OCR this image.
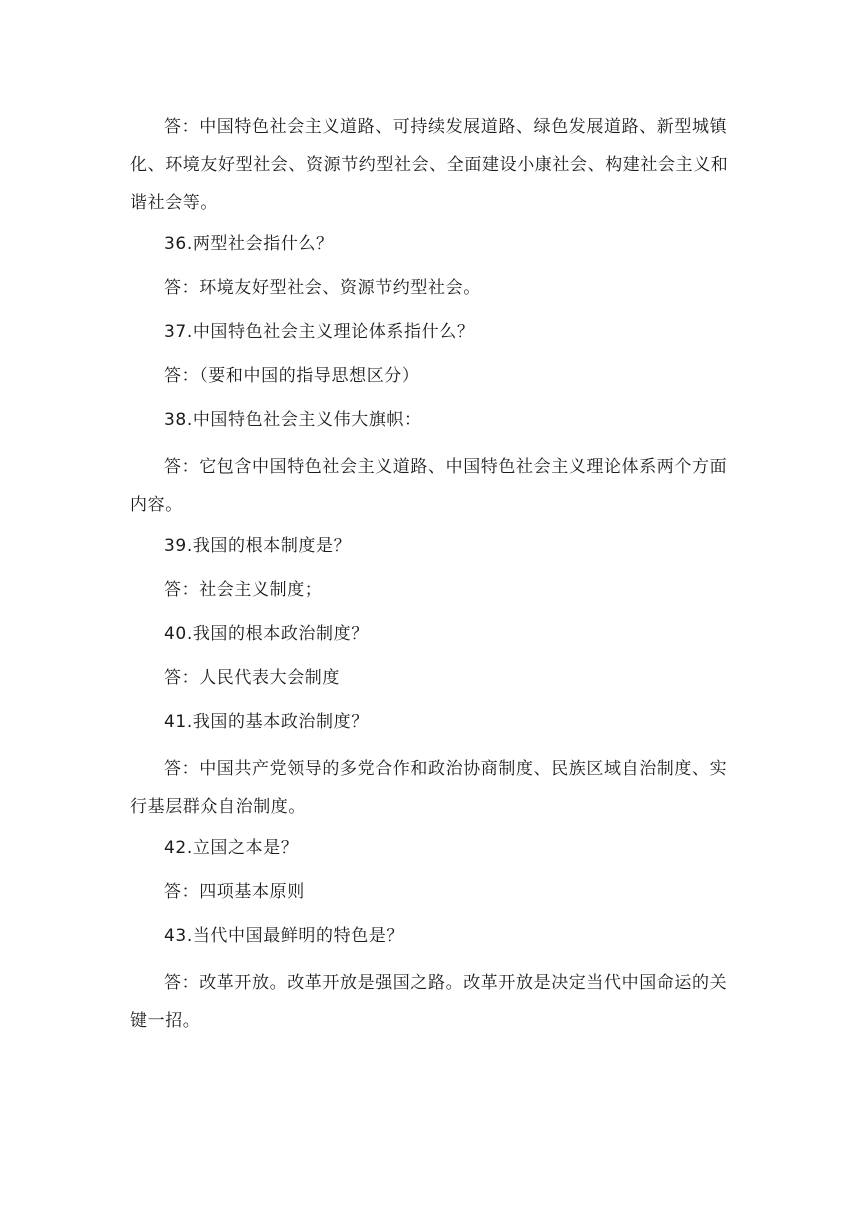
答：中国特色社会主义道路、可持续发展道路、绿色发展道路、新型城镇化、环境友好型社会、资源节约型社会、全面建设小康社会、构建社会主义和谐社会等。

36.两型社会指什么？

答：环境友好型社会、资源节约型社会。

37.中国特色社会主义理论体系指什么？

答：（要和中国的指导思想区分）

38.中国特色社会主义伟大旗帜：

答：它包含中国特色社会主义道路、中国特色社会主义理论体系两个方面内容。

39.我国的根本制度是？

答：社会主义制度；

40.我国的根本政治制度？

答：人民代表大会制度

41.我国的基本政治制度？

答：中国共产党领导的多党合作和政治协商制度、民族区域自治制度、实行基层群众自治制度。

42.立国之本是？

答：四项基本原则

43.当代中国最鲜明的特色是？

答：改革开放。改革开放是强国之路。改革开放是决定当代中国命运的关键一招。
